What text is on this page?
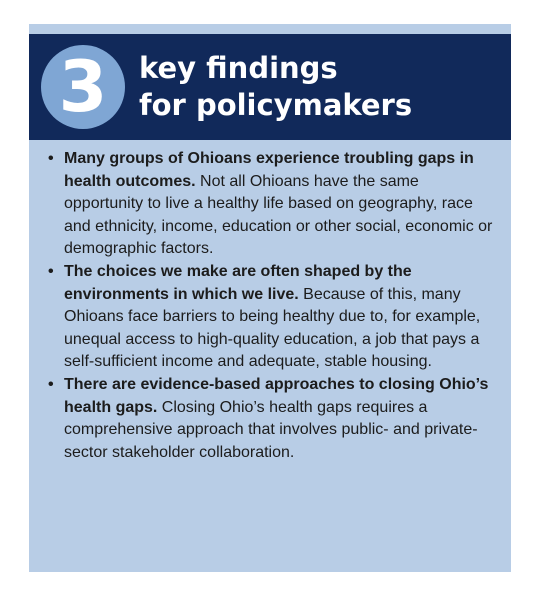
3	key findings
for policymakers
• Many groups of Ohioans experience troubling gaps in health outcomes. Not all Ohioans have the same opportunity to live a healthy life based on geography, race and ethnicity, income, education or other social, economic or demographic factors.
• The choices we make are often shaped by the environments in which we live. Because of this, many Ohioans face barriers to being healthy due to, for example, unequal access to high-quality education, a job that pays a self-sufficient income and adequate, stable housing.
• There are evidence-based approaches to closing Ohio’s health gaps. Closing Ohio’s health gaps requires a comprehensive approach that involves public- and private-sector stakeholder collaboration.
